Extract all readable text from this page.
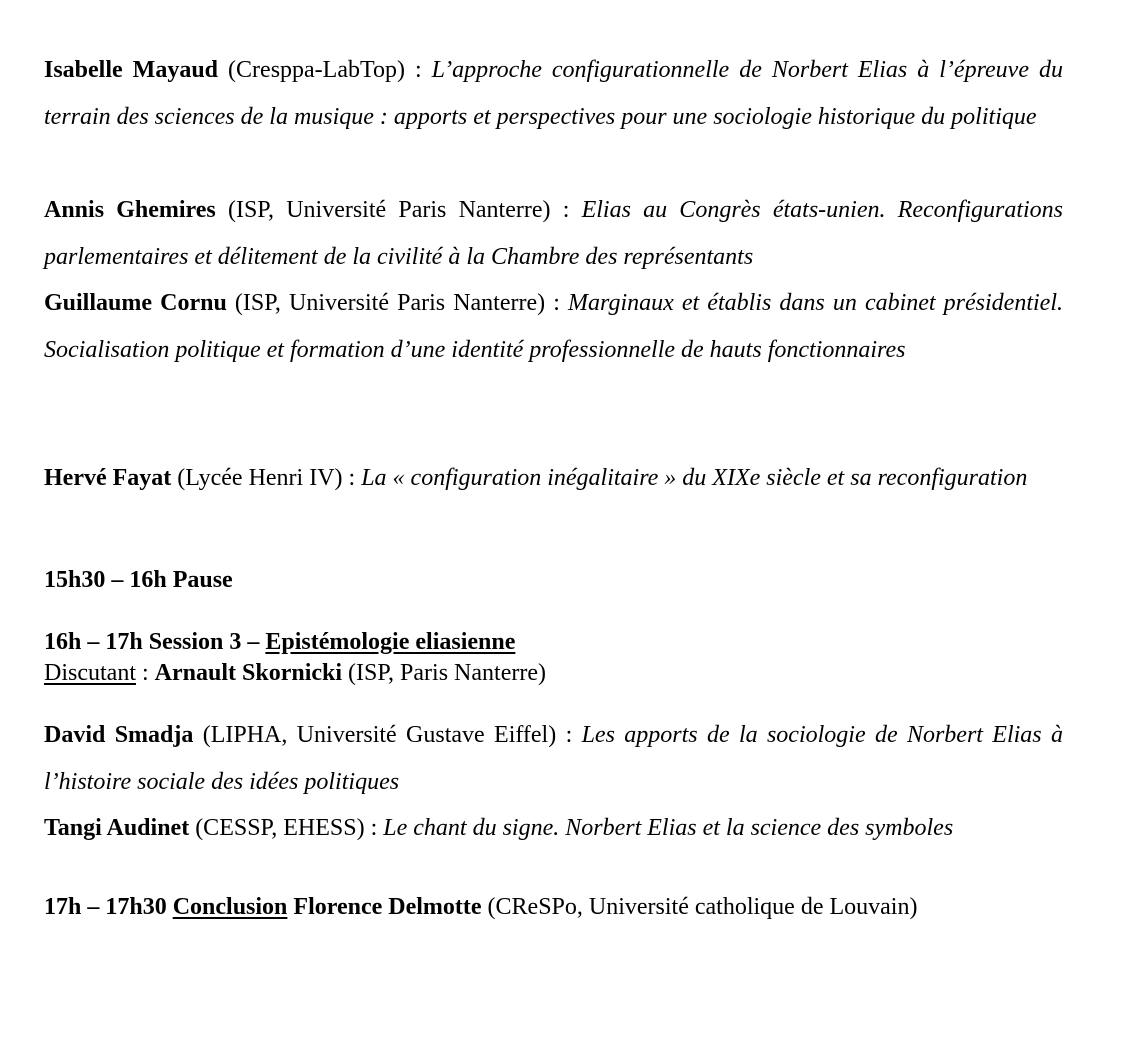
Isabelle Mayaud (Cresppa-LabTop) : L’approche configurationnelle de Norbert Elias à l’épreuve du terrain des sciences de la musique : apports et perspectives pour une sociologie historique du politique
Annis Ghemires (ISP, Université Paris Nanterre) : Elias au Congrès états-unien. Reconfigurations parlementaires et délitement de la civilité à la Chambre des représentants
Guillaume Cornu (ISP, Université Paris Nanterre) : Marginaux et établis dans un cabinet présidentiel. Socialisation politique et formation d’une identité professionnelle de hauts fonctionnaires
Hervé Fayat (Lycée Henri IV) : La « configuration inégalitaire » du XIXe siècle et sa reconfiguration
15h30 – 16h Pause
16h – 17h Session 3 – Epistémologie eliasienne
Discutant : Arnault Skornicki (ISP, Paris Nanterre)
David Smadja (LIPHA, Université Gustave Eiffel) : Les apports de la sociologie de Norbert Elias à l’histoire sociale des idées politiques
Tangi Audinet (CESSP, EHESS) : Le chant du signe. Norbert Elias et la science des symboles
17h – 17h30 Conclusion Florence Delmotte (CReSPo, Université catholique de Louvain)
